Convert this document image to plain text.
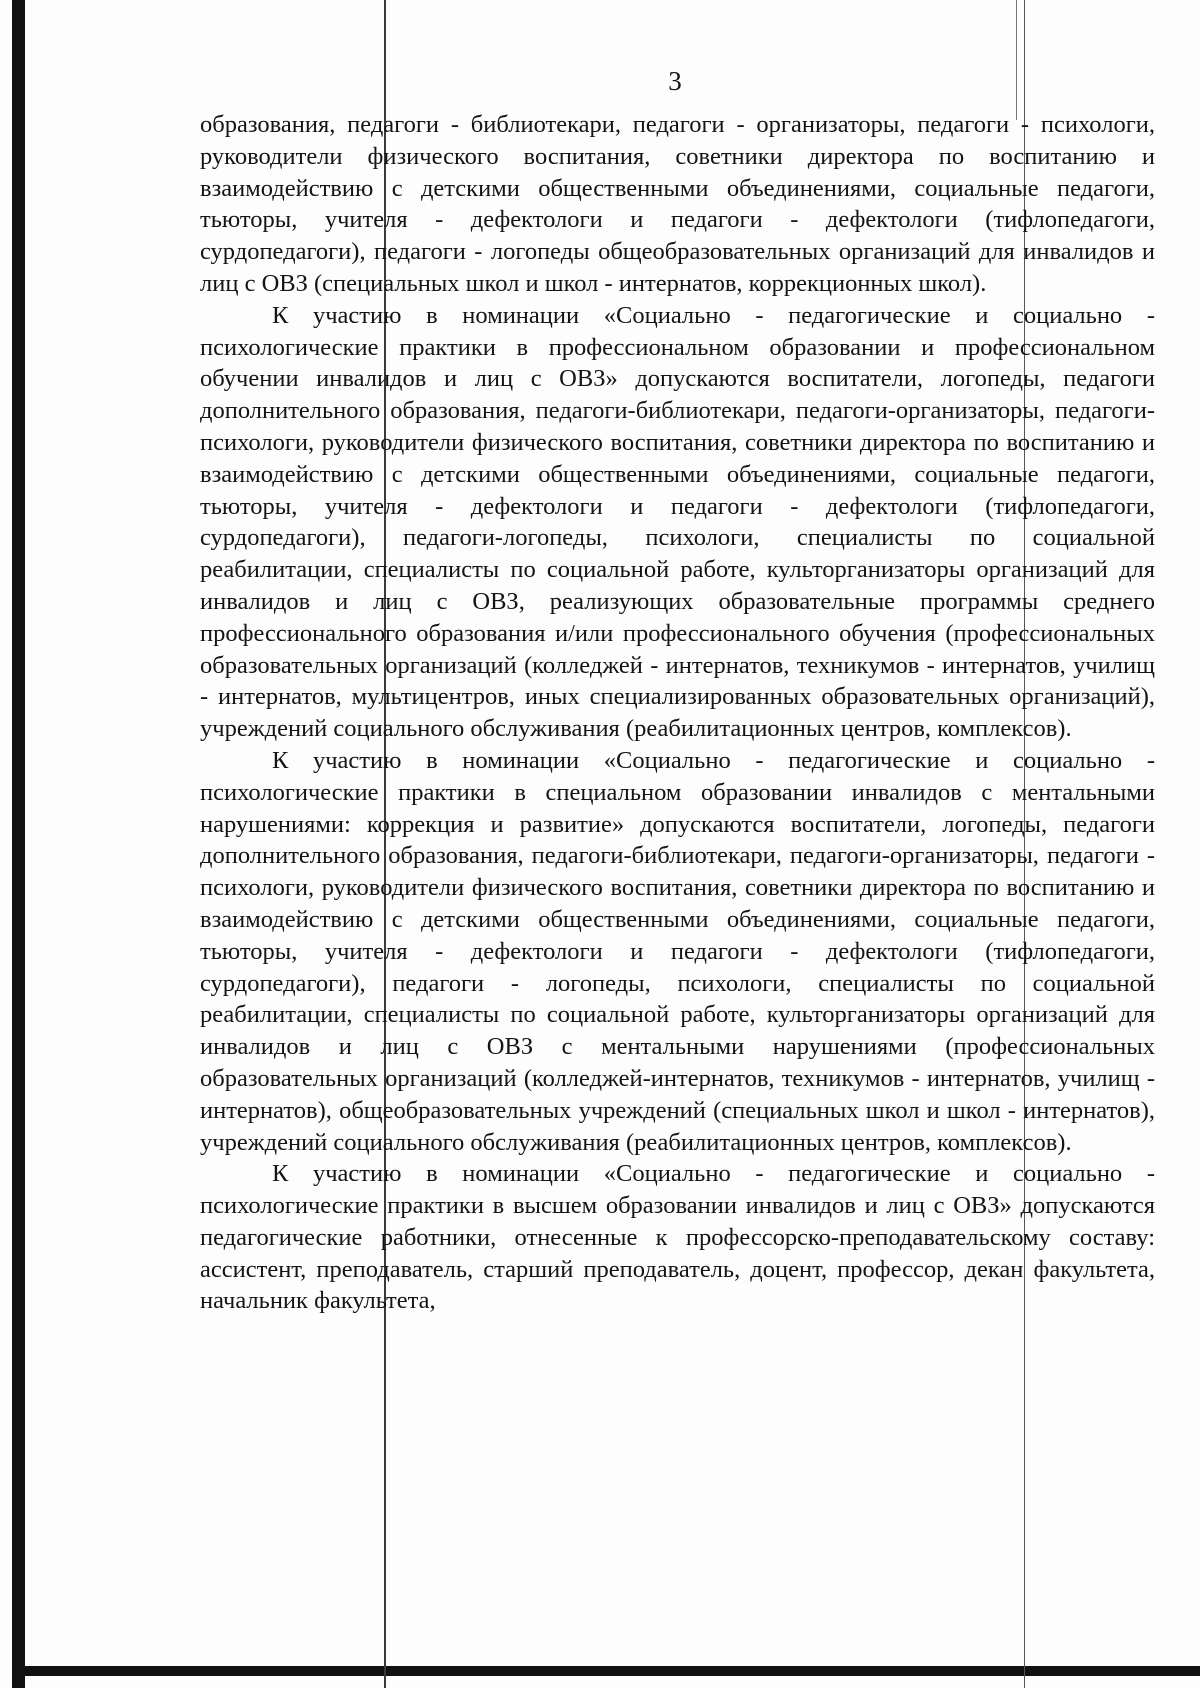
3

образования, педагоги - библиотекари, педагоги - организаторы, педагоги - психологи, руководители физического воспитания, советники директора по воспитанию и взаимодействию с детскими общественными объединениями, социальные педагоги, тьюторы, учителя - дефектологи и педагоги - дефектологи (тифлопедагоги, сурдопедагоги), педагоги - логопеды общеобразовательных организаций для инвалидов и лиц с ОВЗ (специальных школ и школ - интернатов, коррекционных школ).

К участию в номинации «Социально - педагогические и социально - психологические практики в профессиональном образовании и профессиональном обучении инвалидов и лиц с ОВЗ» допускаются воспитатели, логопеды, педагоги дополнительного образования, педагоги-библиотекари, педагоги-организаторы, педагоги-психологи, руководители физического воспитания, советники директора по воспитанию и взаимодействию с детскими общественными объединениями, социальные педагоги, тьюторы, учителя - дефектологи и педагоги - дефектологи (тифлопедагоги, сурдопедагоги), педагоги-логопеды, психологи, специалисты по социальной реабилитации, специалисты по социальной работе, культорганизаторы организаций для инвалидов и лиц с ОВЗ, реализующих образовательные программы среднего профессионального образования и/или профессионального обучения (профессиональных образовательных организаций (колледжей - интернатов, техникумов - интернатов, училищ - интернатов, мультицентров, иных специализированных образовательных организаций), учреждений социального обслуживания (реабилитационных центров, комплексов).

К участию в номинации «Социально - педагогические и социально - психологические практики в специальном образовании инвалидов с ментальными нарушениями: коррекция и развитие» допускаются воспитатели, логопеды, педагоги дополнительного образования, педагоги-библиотекари, педагоги-организаторы, педагоги - психологи, руководители физического воспитания, советники директора по воспитанию и взаимодействию с детскими общественными объединениями, социальные педагоги, тьюторы, учителя - дефектологи и педагоги - дефектологи (тифлопедагоги, сурдопедагоги), педагоги - логопеды, психологи, специалисты по социальной реабилитации, специалисты по социальной работе, культорганизаторы организаций для инвалидов и лиц с ОВЗ с ментальными нарушениями (профессиональных образовательных организаций (колледжей-интернатов, техникумов - интернатов, училищ - интернатов), общеобразовательных учреждений (специальных школ и школ - интернатов), учреждений социального обслуживания (реабилитационных центров, комплексов).

К участию в номинации «Социально - педагогические и социально - психологические практики в высшем образовании инвалидов и лиц с ОВЗ» допускаются педагогические работники, отнесенные к профессорско-преподавательскому составу: ассистент, преподаватель, старший преподаватель, доцент, профессор, декан факультета, начальник факультета,
